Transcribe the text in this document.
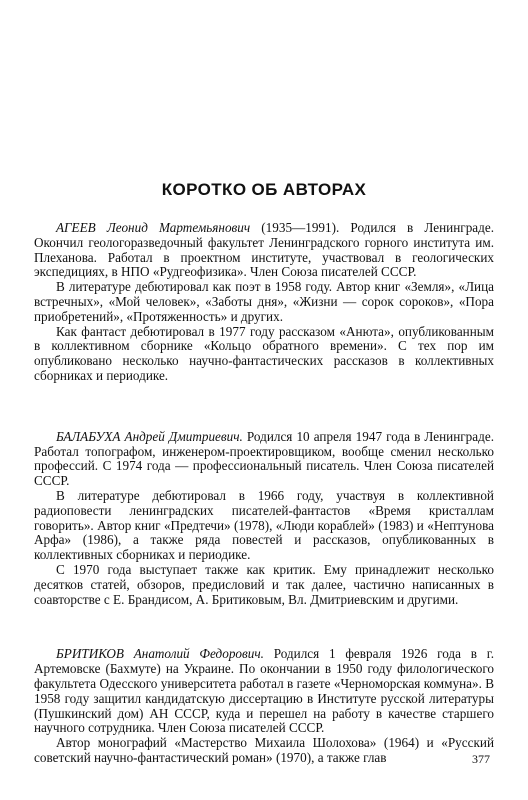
КОРОТКО ОБ АВТОРАХ

АГЕЕВ Леонид Мартемьянович (1935—1991). Родился в Ленинграде. Окончил геологоразведочный факультет Ленинградского горного института им. Плеханова. Работал в проектном институте, участвовал в геологических экспедициях, в НПО «Рудгеофизика». Член Союза писателей СССР.

В литературе дебютировал как поэт в 1958 году. Автор книг «Земля», «Лица встречных», «Мой человек», «Заботы дня», «Жизни — сорок сороков», «Пора приобретений», «Протяженность» и других.

Как фантаст дебютировал в 1977 году рассказом «Анюта», опубликованным в коллективном сборнике «Кольцо обратного времени». С тех пор им опубликовано несколько научно-фантастических рассказов в коллективных сборниках и периодике.

БАЛАБУХА Андрей Дмитриевич. Родился 10 апреля 1947 года в Ленинграде. Работал топографом, инженером-проектировщиком, вообще сменил несколько профессий. С 1974 года — профессиональный писатель. Член Союза писателей СССР.

В литературе дебютировал в 1966 году, участвуя в коллективной радиоповести ленинградских писателей-фантастов «Время кристаллам говорить». Автор книг «Предтечи» (1978), «Люди кораблей» (1983) и «Нептунова Арфа» (1986), а также ряда повестей и рассказов, опубликованных в коллективных сборниках и периодике.

С 1970 года выступает также как критик. Ему принадлежит несколько десятков статей, обзоров, предисловий и так далее, частично написанных в соавторстве с Е. Брандисом, А. Бритиковым, Вл. Дмитриевским и другими.

БРИТИКОВ Анатолий Федорович. Родился 1 февраля 1926 года в г. Артемовске (Бахмуте) на Украине. По окончании в 1950 году филологического факультета Одесского университета работал в газете «Черноморская коммуна». В 1958 году защитил кандидатскую диссертацию в Институте русской литературы (Пушкинский дом) АН СССР, куда и перешел на работу в качестве старшего научного сотрудника. Член Союза писателей СССР.

Автор монографий «Мастерство Михаила Шолохова» (1964) и «Русский советский научно-фантастический роман» (1970), а также глав	377
